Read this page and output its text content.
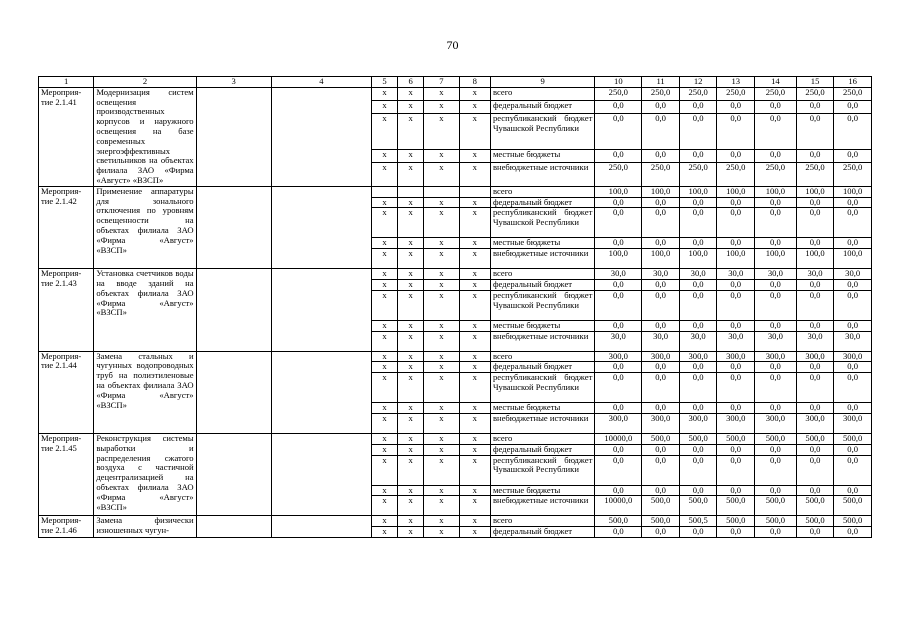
70
1	2	3	4	5	6	7	8	9	10	11	12	13	14	15	16
Мероприя-тие 2.1.41	Модернизация систем освещения производственных корпусов и наружного освещения на базе современных энергоэффективных светильников на объектах филиала ЗАО «Фирма «Август» «ВЗСП»			x	x	x	x	всего	250,0	250,0	250,0	250,0	250,0	250,0	250,0
				x	x	x	x	федеральный бюджет	0,0	0,0	0,0	0,0	0,0	0,0	0,0
				x	x	x	x	республиканский бюджет Чувашской Республики	0,0	0,0	0,0	0,0	0,0	0,0	0,0
				x	x	x	x	местные бюджеты	0,0	0,0	0,0	0,0	0,0	0,0	0,0
				x	x	x	x	внебюджетные источники	250,0	250,0	250,0	250,0	250,0	250,0	250,0
Мероприя-тие 2.1.42	Применение аппаратуры для зонального отключения по уровням освещенности на объектах филиала ЗАО «Фирма «Август» «ВЗСП»							всего	100,0	100,0	100,0	100,0	100,0	100,0	100,0
				x	x	x	x	федеральный бюджет	0,0	0,0	0,0	0,0	0,0	0,0	0,0
				x	x	x	x	республиканский бюджет Чувашской Республики	0,0	0,0	0,0	0,0	0,0	0,0	0,0
				x	x	x	x	местные бюджеты	0,0	0,0	0,0	0,0	0,0	0,0	0,0
				x	x	x	x	внебюджетные источники	100,0	100,0	100,0	100,0	100,0	100,0	100,0
Мероприя-тие 2.1.43	Установка счетчиков воды на вводе зданий на объектах филиала ЗАО «Фирма «Август» «ВЗСП»			x	x	x	x	всего	30,0	30,0	30,0	30,0	30,0	30,0	30,0
				x	x	x	x	федеральный бюджет	0,0	0,0	0,0	0,0	0,0	0,0	0,0
				x	x	x	x	республиканский бюджет Чувашской Республики	0,0	0,0	0,0	0,0	0,0	0,0	0,0
				x	x	x	x	местные бюджеты	0,0	0,0	0,0	0,0	0,0	0,0	0,0
				x	x	x	x	внебюджетные источники	30,0	30,0	30,0	30,0	30,0	30,0	30,0
Мероприя-тие 2.1.44	Замена стальных и чугунных водопроводных труб на полиэтиленовые на объектах филиала ЗАО «Фирма «Август» «ВЗСП»			x	x	x	x	всего	300,0	300,0	300,0	300,0	300,0	300,0	300,0
				x	x	x	x	федеральный бюджет	0,0	0,0	0,0	0,0	0,0	0,0	0,0
				x	x	x	x	республиканский бюджет Чувашской Республики	0,0	0,0	0,0	0,0	0,0	0,0	0,0
				x	x	x	x	местные бюджеты	0,0	0,0	0,0	0,0	0,0	0,0	0,0
				x	x	x	x	внебюджетные источники	300,0	300,0	300,0	300,0	300,0	300,0	300,0
Мероприя-тие 2.1.45	Реконструкция системы выработки и распределения сжатого воздуха с частичной децентрализацией на объектах филиала ЗАО «Фирма «Август» «ВЗСП»			x	x	x	x	всего	10000,0	500,0	500,0	500,0	500,0	500,0	500,0
				x	x	x	x	федеральный бюджет	0,0	0,0	0,0	0,0	0,0	0,0	0,0
				x	x	x	x	республиканский бюджет Чувашской Республики	0,0	0,0	0,0	0,0	0,0	0,0	0,0
				x	x	x	x	местные бюджеты	0,0	0,0	0,0	0,0	0,0	0,0	0,0
				x	x	x	x	внебюджетные источники	10000,0	500,0	500,0	500,0	500,0	500,0	500,0
Мероприя-тие 2.1.46	Замена физически изношенных чугун-			x	x	x	x	всего	500,0	500,0	500,5	500,0	500,0	500,0	500,0
				x	x	x	x	федеральный бюджет	0,0	0,0	0,0	0,0	0,0	0,0	0,0
